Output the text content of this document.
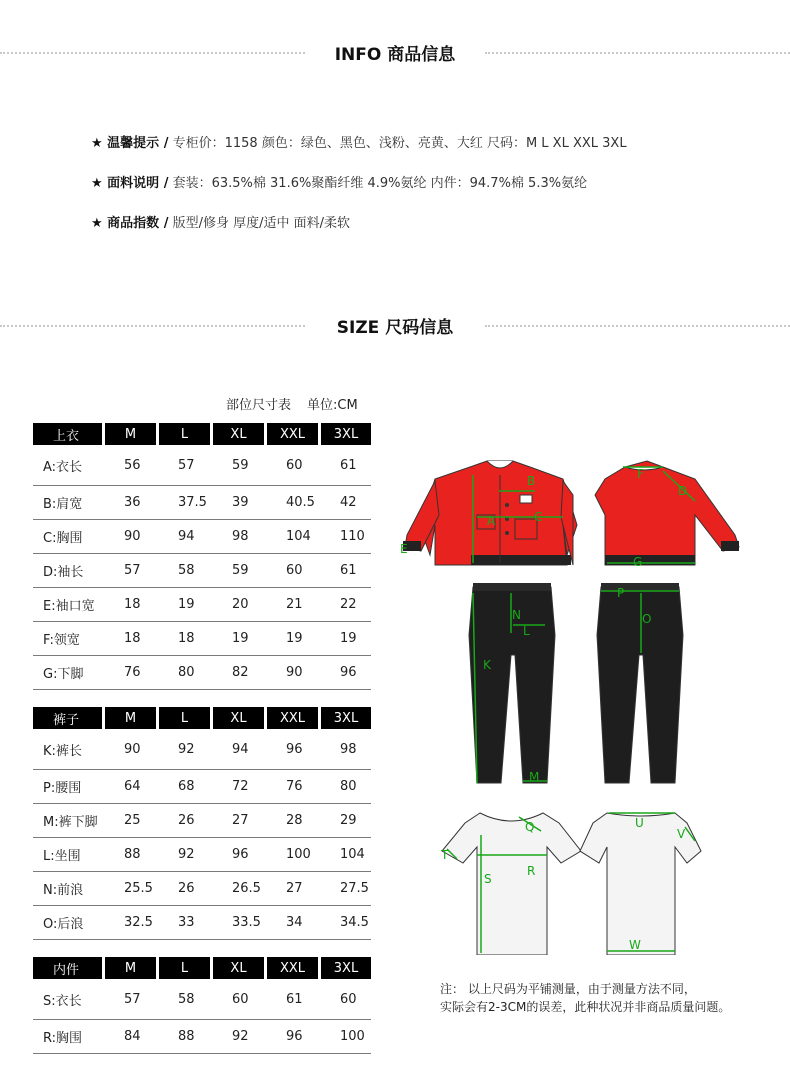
INFO 商品信息
★ 温馨提示 / 专柜价：1158 颜色：绿色、黑色、浅粉、亮黄、大红 尺码：M L XL XXL 3XL
★ 面料说明 / 套装：63.5%棉 31.6%聚酯纤维 4.9%氨纶 内件：94.7%棉 5.3%氨纶
★ 商品指数 / 版型/修身 厚度/适中 面料/柔软
SIZE 尺码信息
部位尺寸表 单位:CM
上衣	M	L	XL	XXL	3XL
A:衣长	56	57	59	60	61
B:肩宽	36	37.5	39	40.5	42
C:胸围	90	94	98	104	110
D:袖长	57	58	59	60	61
E:袖口宽	18	19	20	21	22
F:领宽	18	18	19	19	19
G:下脚	76	80	82	90	96
裤子	M	L	XL	XXL	3XL
K:裤长	90	92	94	96	98
P:腰围	64	68	72	76	80
M:裤下脚	25	26	27	28	29
L:坐围	88	92	96	100	104
N:前浪	25.5	26	26.5	27	27.5
O:后浪	32.5	33	33.5	34	34.5
内件	M	L	XL	XXL	3XL
S:衣长	57	58	60	61	60
R:胸围	84	88	92	96	100
A
B
C
D
E
F
G
K
L
M
N	O
P
Q
R
S
T
U
V
W
注： 以上尺码为平铺测量，由于测量方法不同，
实际会有2-3CM的误差，此种状况并非商品质量问题。
